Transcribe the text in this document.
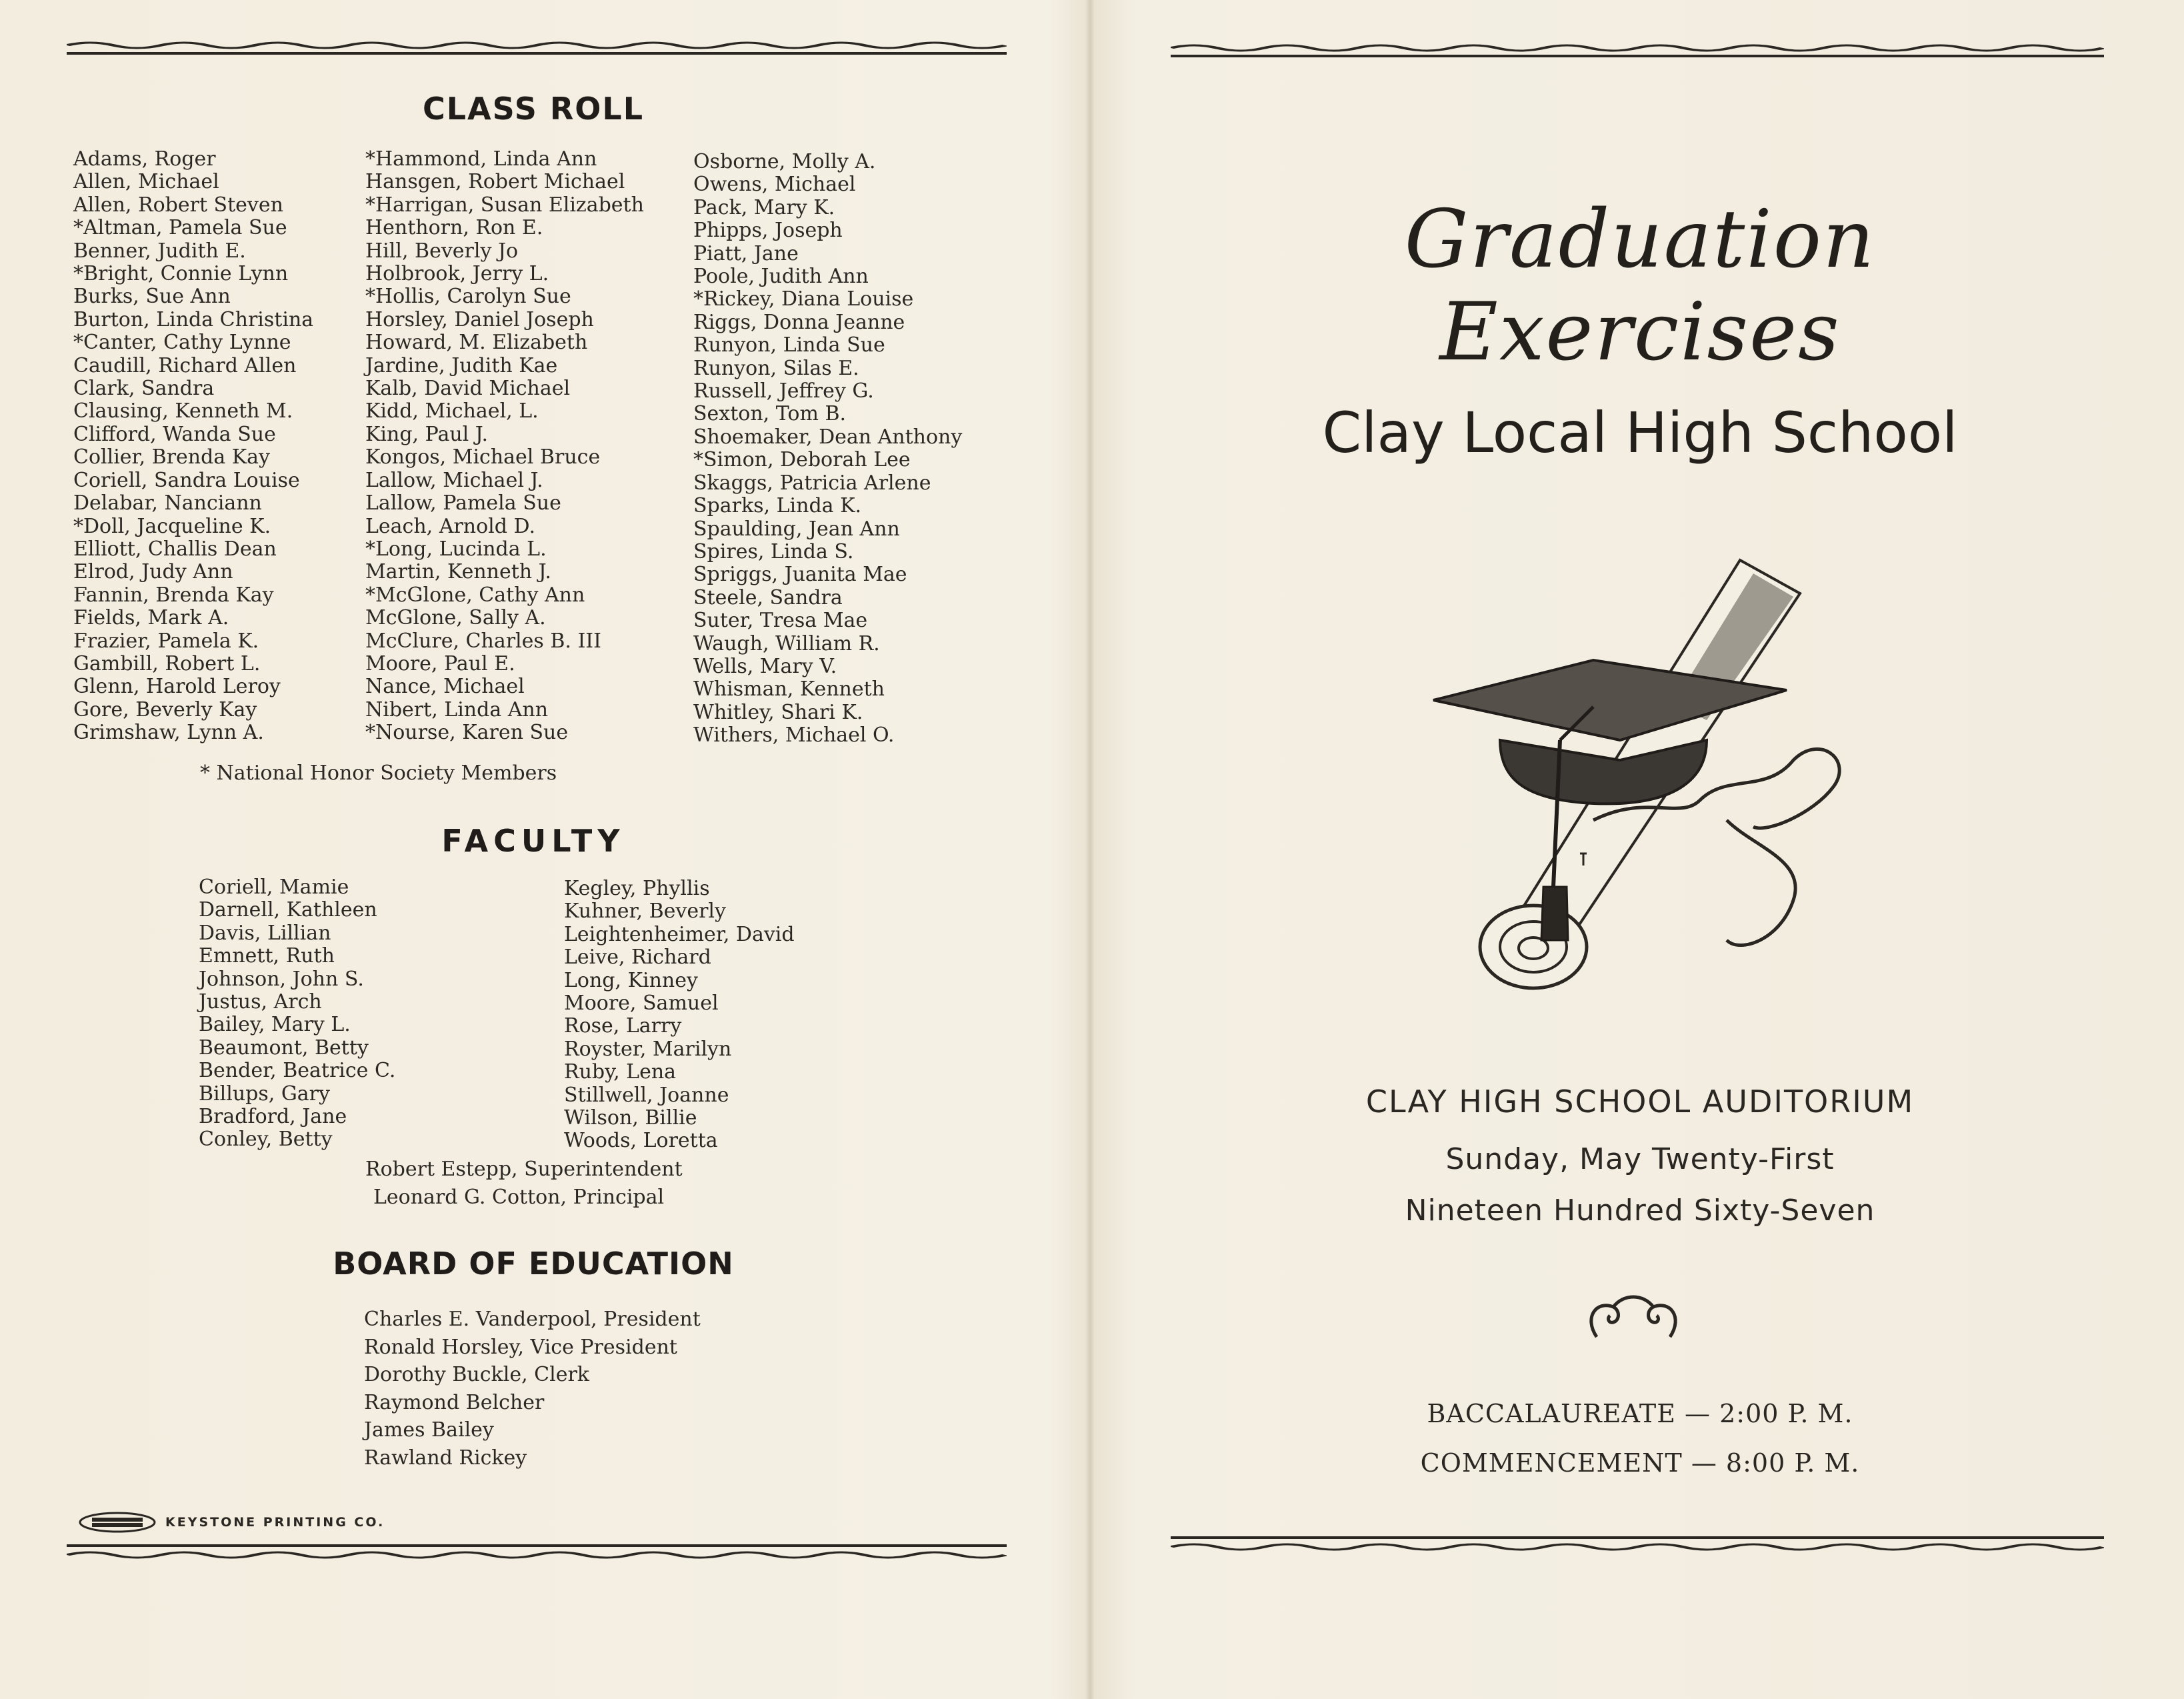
CLASS ROLL
Adams, Roger
Allen, Michael
Allen, Robert Steven
*Altman, Pamela Sue
Benner, Judith E.
*Bright, Connie Lynn
Burks, Sue Ann
Burton, Linda Christina
*Canter, Cathy Lynne
Caudill, Richard Allen
Clark, Sandra
Clausing, Kenneth M.
Clifford, Wanda Sue
Collier, Brenda Kay
Coriell, Sandra Louise
Delabar, Nanciann
*Doll, Jacqueline K.
Elliott, Challis Dean
Elrod, Judy Ann
Fannin, Brenda Kay
Fields, Mark A.
Frazier, Pamela K.
Gambill, Robert L.
Glenn, Harold Leroy
Gore, Beverly Kay
Grimshaw, Lynn A.
*Hammond, Linda Ann
Hansgen, Robert Michael
*Harrigan, Susan Elizabeth
Henthorn, Ron E.
Hill, Beverly Jo
Holbrook, Jerry L.
*Hollis, Carolyn Sue
Horsley, Daniel Joseph
Howard, M. Elizabeth
Jardine, Judith Kae
Kalb, David Michael
Kidd, Michael, L.
King, Paul J.
Kongos, Michael Bruce
Lallow, Michael J.
Lallow, Pamela Sue
Leach, Arnold D.
*Long, Lucinda L.
Martin, Kenneth J.
*McGlone, Cathy Ann
McGlone, Sally A.
McClure, Charles B. III
Moore, Paul E.
Nance, Michael
Nibert, Linda Ann
*Nourse, Karen Sue
Osborne, Molly A.
Owens, Michael
Pack, Mary K.
Phipps, Joseph
Piatt, Jane
Poole, Judith Ann
*Rickey, Diana Louise
Riggs, Donna Jeanne
Runyon, Linda Sue
Runyon, Silas E.
Russell, Jeffrey G.
Sexton, Tom B.
Shoemaker, Dean Anthony
*Simon, Deborah Lee
Skaggs, Patricia Arlene
Sparks, Linda K.
Spaulding, Jean Ann
Spires, Linda S.
Spriggs, Juanita Mae
Steele, Sandra
Suter, Tresa Mae
Waugh, William R.
Wells, Mary V.
Whisman, Kenneth
Whitley, Shari K.
Withers, Michael O.
* National Honor Society Members
FACULTY
Coriell, Mamie
Darnell, Kathleen
Davis, Lillian
Emnett, Ruth
Johnson, John S.
Justus, Arch
Bailey, Mary L.
Beaumont, Betty
Bender, Beatrice C.
Billups, Gary
Bradford, Jane
Conley, Betty
Kegley, Phyllis
Kuhner, Beverly
Leightenheimer, David
Leive, Richard
Long, Kinney
Moore, Samuel
Rose, Larry
Royster, Marilyn
Ruby, Lena
Stillwell, Joanne
Wilson, Billie
Woods, Loretta
Robert Estepp, Superintendent
Leonard G. Cotton, Principal
BOARD OF EDUCATION
Charles E. Vanderpool, President
Ronald Horsley, Vice President
Dorothy Buckle, Clerk
Raymond Belcher
James Bailey
Rawland Rickey
KEYSTONE PRINTING CO.
Graduation Exercises
Clay Local High School
CLAY HIGH SCHOOL AUDITORIUM
Sunday, May Twenty-First
Nineteen Hundred Sixty-Seven
BACCALAUREATE — 2:00 P. M.
COMMENCEMENT — 8:00 P. M.
